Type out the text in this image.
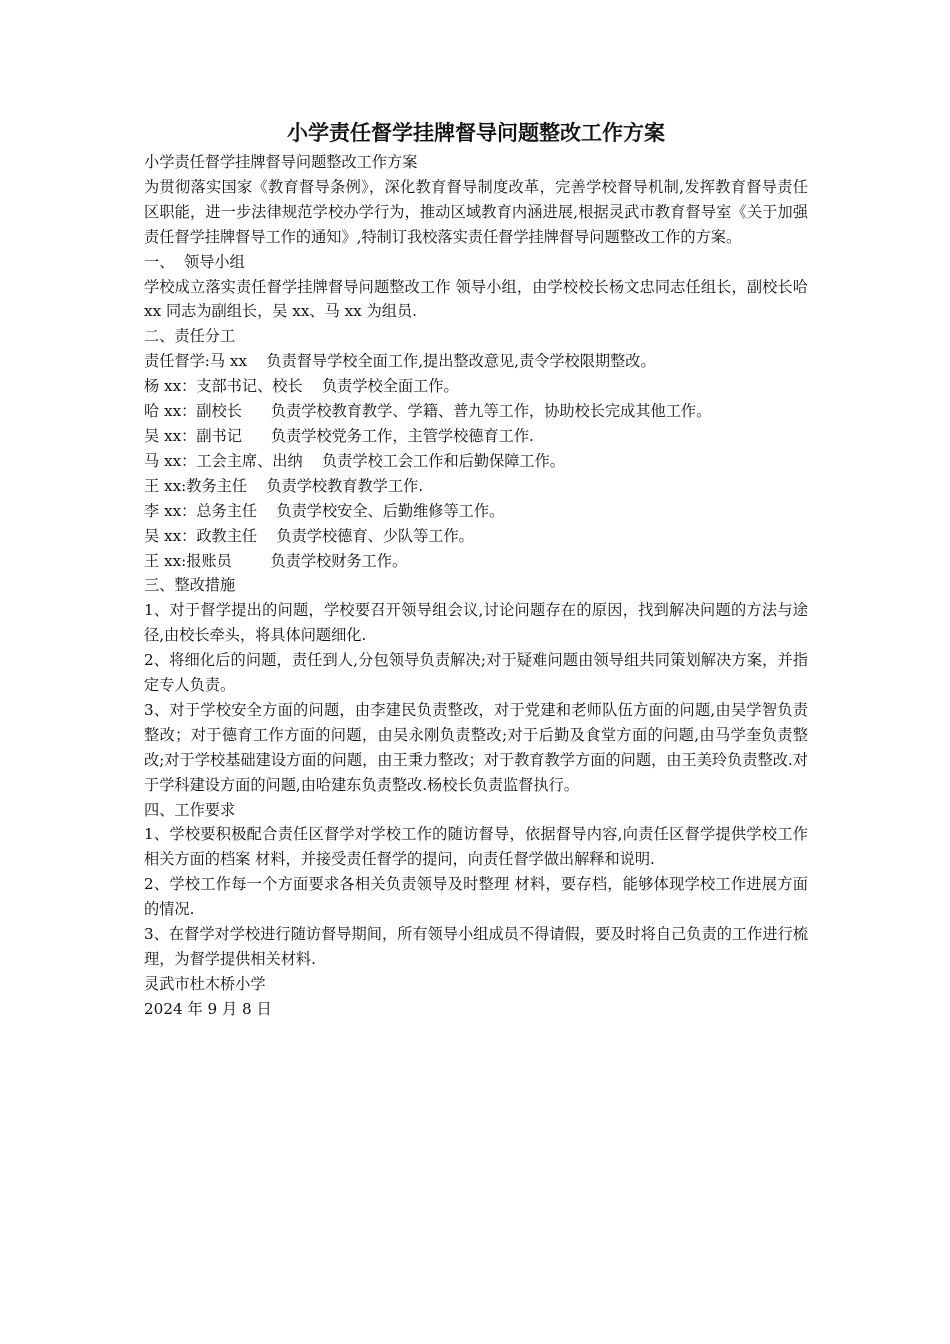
小学责任督学挂牌督导问题整改工作方案

小学责任督学挂牌督导问题整改工作方案

为贯彻落实国家《教育督导条例》，深化教育督导制度改革，完善学校督导机制,发挥教育督导责任区职能，进一步法律规范学校办学行为，推动区域教育内涵进展,根据灵武市教育督导室《关于加强责任督学挂牌督导工作的通知》,特制订我校落实责任督学挂牌督导问题整改工作的方案。

一、  领导小组

学校成立落实责任督学挂牌督导问题整改工作 领导小组，由学校校长杨文忠同志任组长，副校长哈 xx 同志为副组长，吴 xx、马 xx 为组员.

二、责任分工

责任督学:马 xx    负责督导学校全面工作,提出整改意见,责令学校限期整改。

杨 xx：支部书记、校长    负责学校全面工作。

哈 xx：副校长      负责学校教育教学、学籍、普九等工作，协助校长完成其他工作。

吴 xx：副书记      负责学校党务工作，主管学校德育工作.

马 xx：工会主席、出纳    负责学校工会工作和后勤保障工作。

王 xx:教务主任    负责学校教育教学工作.

李 xx：总务主任    负责学校安全、后勤维修等工作。

吴 xx：政教主任    负责学校德育、少队等工作。

王 xx:报账员        负责学校财务工作。

三、整改措施

1、对于督学提出的问题，学校要召开领导组会议,讨论问题存在的原因，找到解决问题的方法与途径,由校长牵头，将具体问题细化.

2、将细化后的问题，责任到人,分包领导负责解决;对于疑难问题由领导组共同策划解决方案，并指定专人负责。

3、对于学校安全方面的问题，由李建民负责整改，对于党建和老师队伍方面的问题,由吴学智负责整改；对于德育工作方面的问题，由吴永刚负责整改;对于后勤及食堂方面的问题,由马学奎负责整改;对于学校基础建设方面的问题，由王秉力整改；对于教育教学方面的问题，由王美玲负责整改.对于学科建设方面的问题,由哈建东负责整改.杨校长负责监督执行。

四、工作要求

1、学校要积极配合责任区督学对学校工作的随访督导，依据督导内容,向责任区督学提供学校工作相关方面的档案 材料，并接受责任督学的提问，向责任督学做出解释和说明.

2、学校工作每一个方面要求各相关负责领导及时整理 材料，要存档，能够体现学校工作进展方面的情况.

3、在督学对学校进行随访督导期间，所有领导小组成员不得请假，要及时将自己负责的工作进行梳理，为督学提供相关材料.

灵武市杜木桥小学

2024 年 9 月 8 日
